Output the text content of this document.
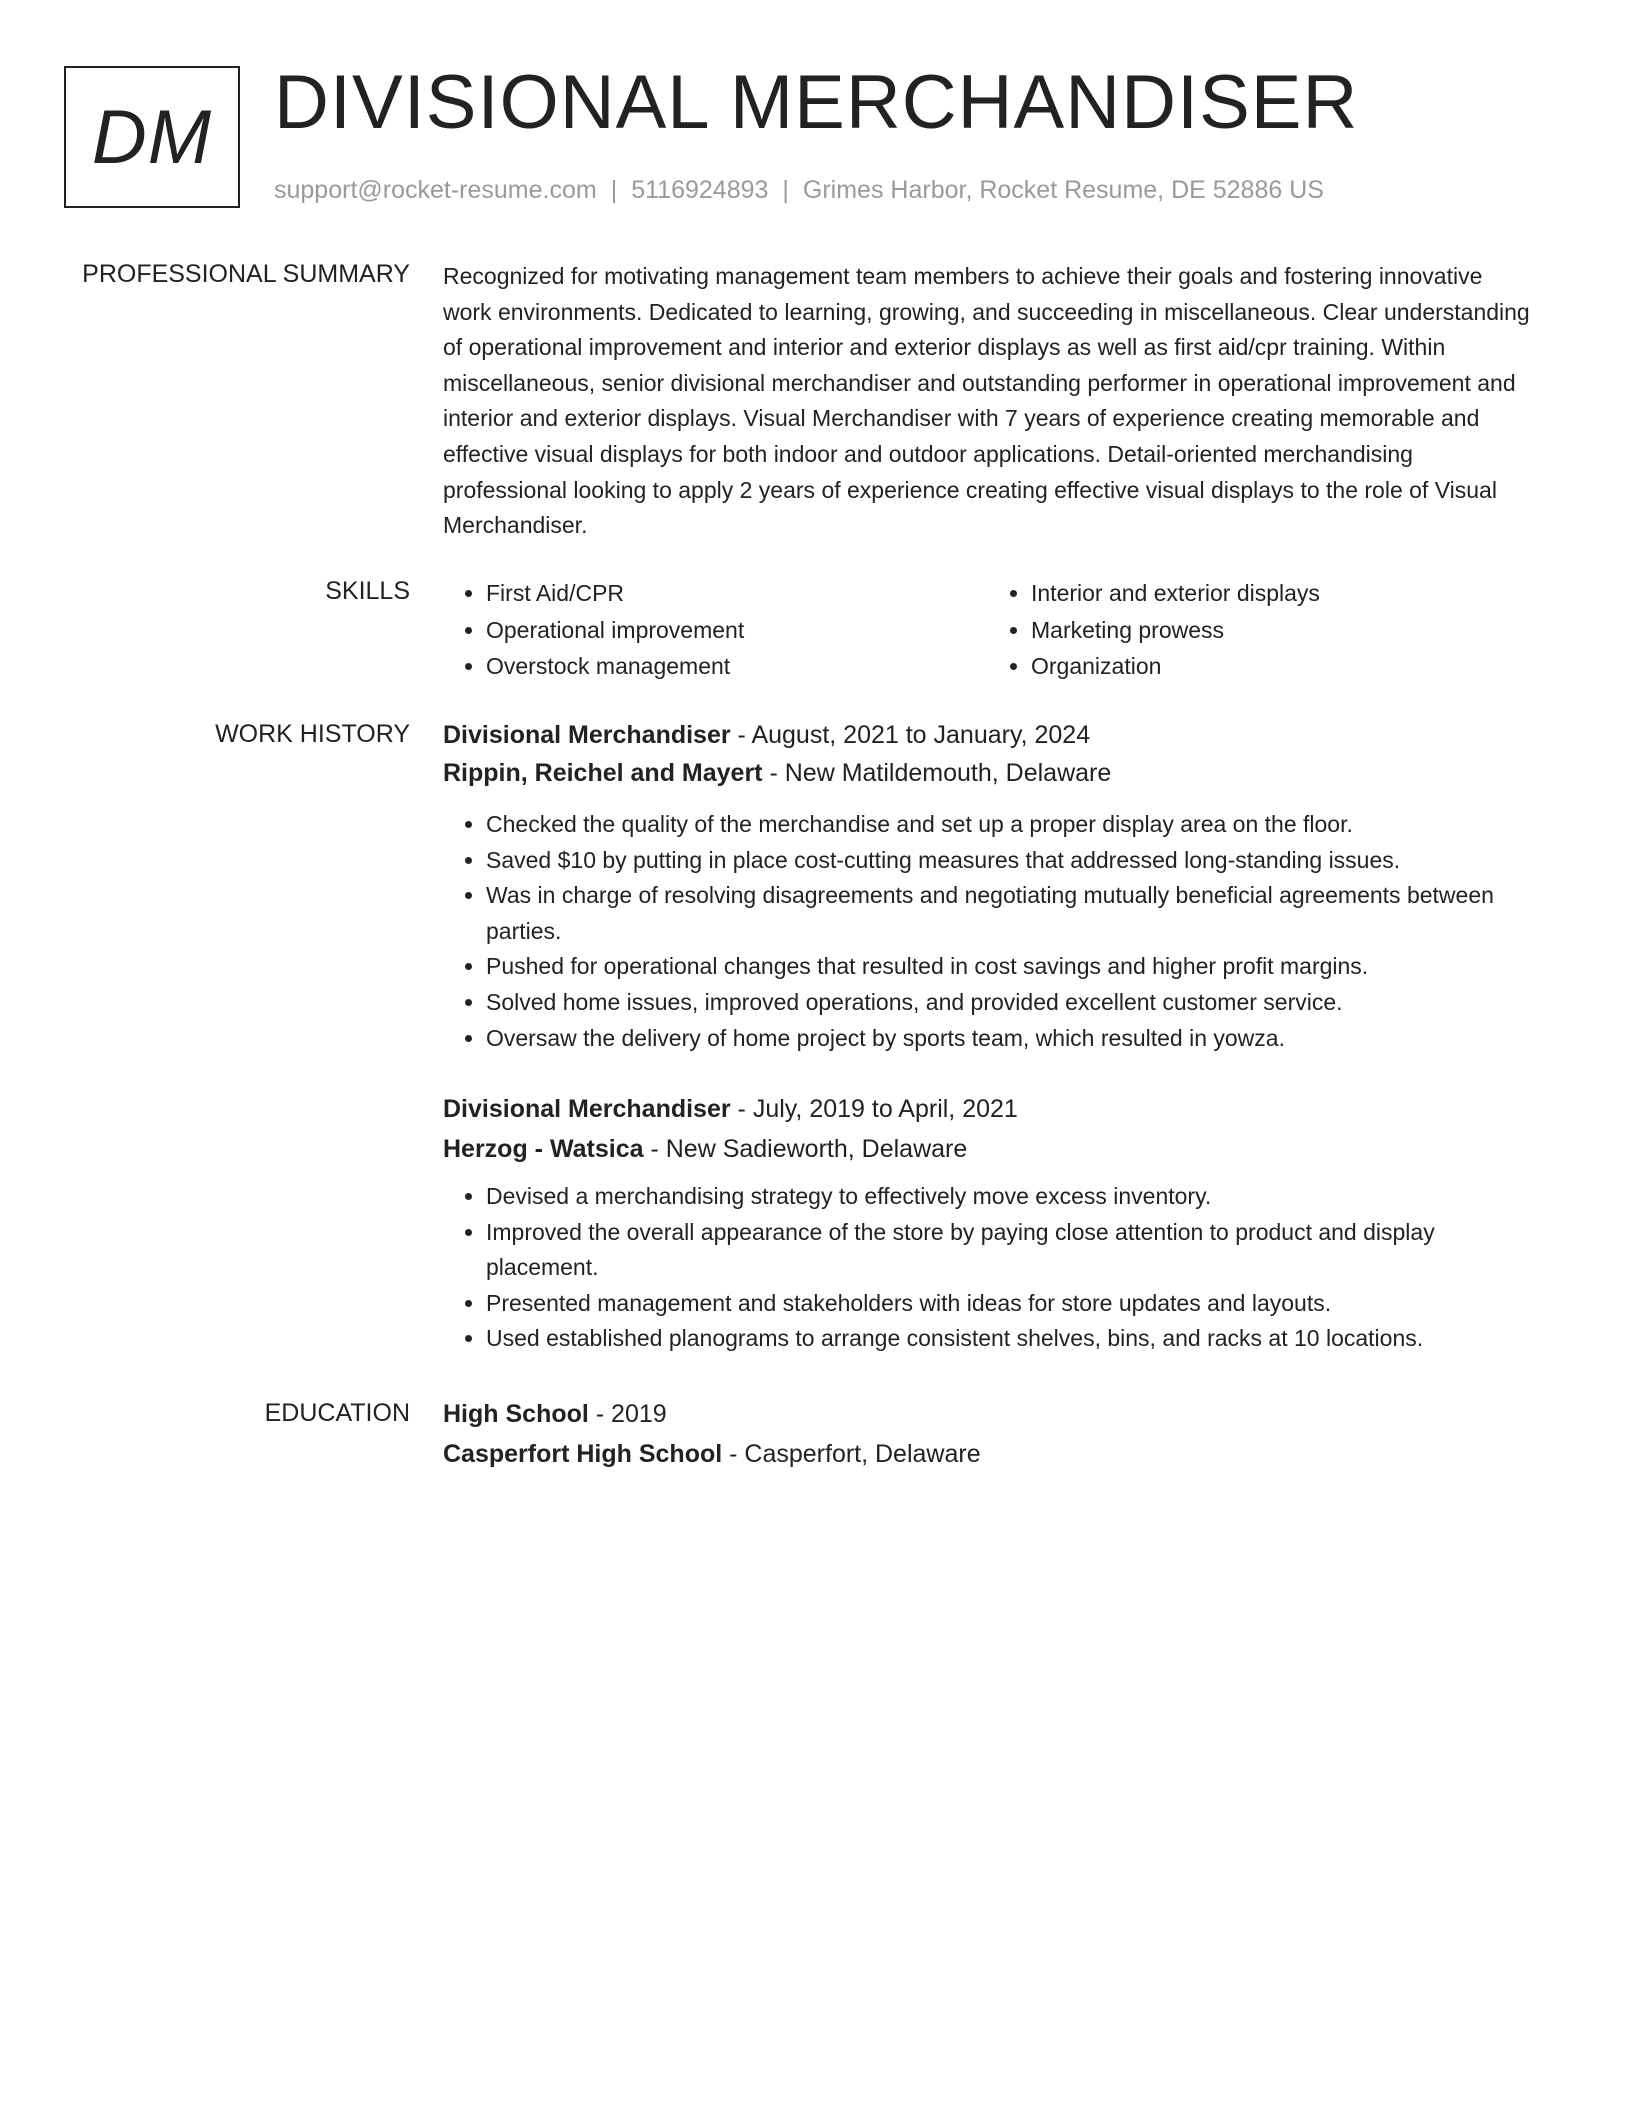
DM DIVISIONAL MERCHANDISER
support@rocket-resume.com | 5116924893 | Grimes Harbor, Rocket Resume, DE 52886 US
PROFESSIONAL SUMMARY Recognized for motivating management team members to achieve their goals and fostering innovative work environments. Dedicated to learning, growing, and succeeding in miscellaneous. Clear understanding of operational improvement and interior and exterior displays as well as first aid/cpr training. Within miscellaneous, senior divisional merchandiser and outstanding performer in operational improvement and interior and exterior displays. Visual Merchandiser with 7 years of experience creating memorable and effective visual displays for both indoor and outdoor applications. Detail-oriented merchandising professional looking to apply 2 years of experience creating effective visual displays to the role of Visual Merchandiser.

SKILLS
•	First Aid/CPR
• Operational improvement
• Overstock management
• Interior and exterior displays
• Marketing prowess
• Organization
WORK HISTORY Divisional Merchandiser - August, 2021 to January, 2024
Rippin, Reichel and Mayert - New Matildemouth, Delaware
• Checked the quality of the merchandise and set up a proper display area on the floor.
• Saved $10 by putting in place cost-cutting measures that addressed long-standing issues.
• Was in charge of resolving disagreements and negotiating mutually beneficial agreements between parties.
• Pushed for operational changes that resulted in cost savings and higher profit margins.
• Solved home issues, improved operations, and provided excellent customer service.
• Oversaw the delivery of home project by sports team, which resulted in yowza.
Divisional Merchandiser - July, 2019 to April, 2021
Herzog - Watsica - New Sadieworth, Delaware
• Devised a merchandising strategy to effectively move excess inventory.
• Improved the overall appearance of the store by paying close attention to product and display placement.
• Presented management and stakeholders with ideas for store updates and layouts.
• Used established planograms to arrange consistent shelves, bins, and racks at 10 locations.
EDUCATION High School - 2019
Casperfort High School - Casperfort, Delaware
